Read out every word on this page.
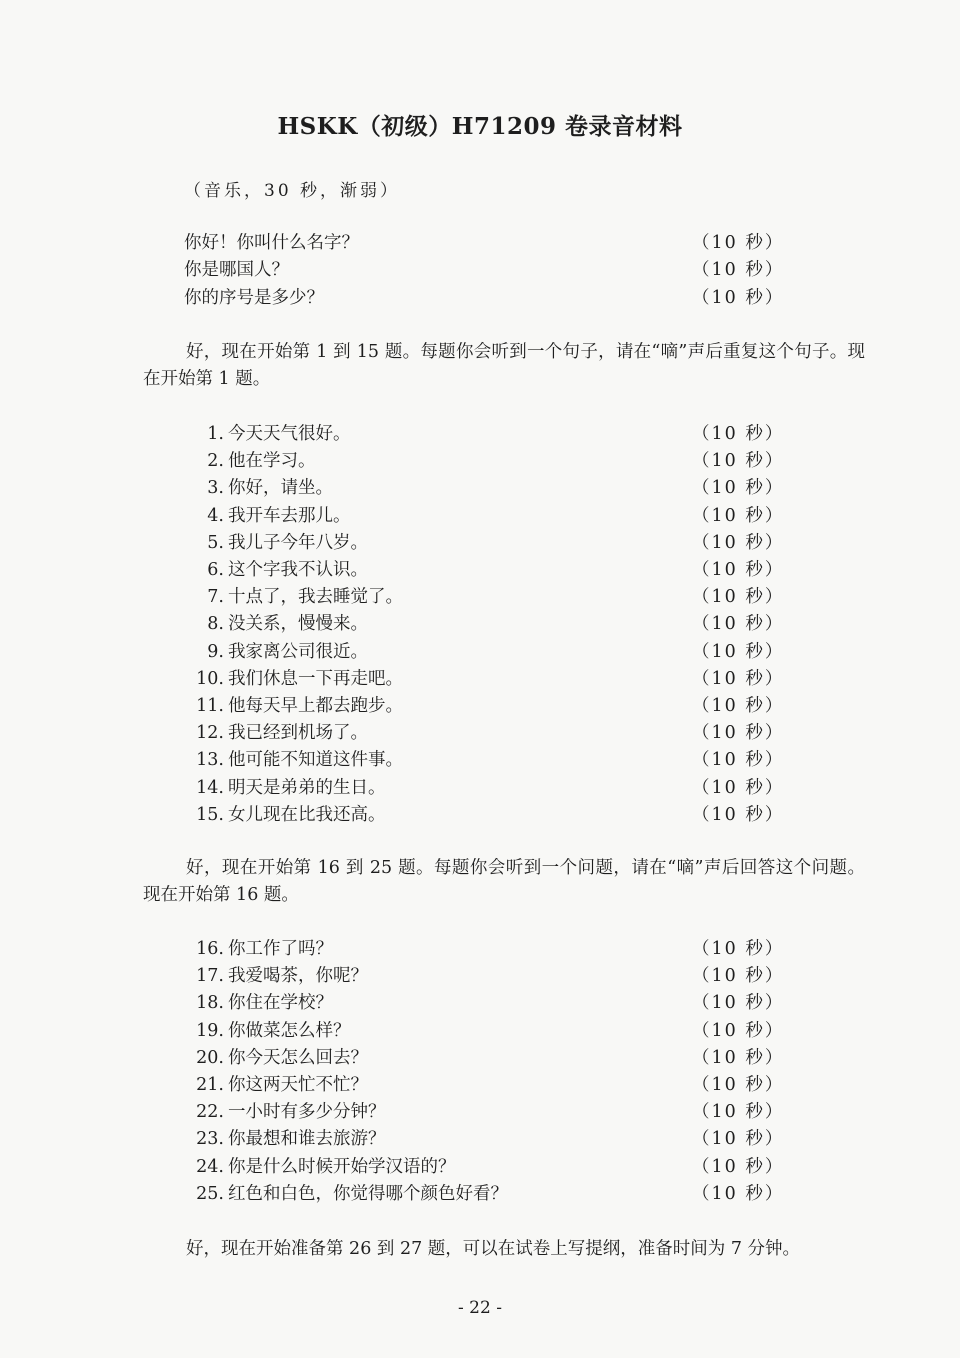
HSKK（初级）H71209 卷录音材料
（音乐，30 秒，渐弱）
你好！你叫什么名字？	（10 秒）
你是哪国人？	（10 秒）
你的序号是多少？	（10 秒）
好，现在开始第 1 到 15 题。每题你会听到一个句子，请在“嘀”声后重复这个句子。现在开始第 1 题。
1. 今天天气很好。	（10 秒）
2. 他在学习。	（10 秒）
3. 你好，请坐。	（10 秒）
4. 我开车去那儿。	（10 秒）
5. 我儿子今年八岁。	（10 秒）
6. 这个字我不认识。	（10 秒）
7. 十点了，我去睡觉了。	（10 秒）
8. 没关系，慢慢来。	（10 秒）
9. 我家离公司很近。	（10 秒）
10. 我们休息一下再走吧。	（10 秒）
11. 他每天早上都去跑步。	（10 秒）
12. 我已经到机场了。	（10 秒）
13. 他可能不知道这件事。	（10 秒）
14. 明天是弟弟的生日。	（10 秒）
15. 女儿现在比我还高。	（10 秒）
好，现在开始第 16 到 25 题。每题你会听到一个问题，请在“嘀”声后回答这个问题。现在开始第 16 题。
16. 你工作了吗？	（10 秒）
17. 我爱喝茶，你呢？	（10 秒）
18. 你住在学校？	（10 秒）
19. 你做菜怎么样？	（10 秒）
20. 你今天怎么回去？	（10 秒）
21. 你这两天忙不忙？	（10 秒）
22. 一小时有多少分钟？	（10 秒）
23. 你最想和谁去旅游？	（10 秒）
24. 你是什么时候开始学汉语的？	（10 秒）
25. 红色和白色，你觉得哪个颜色好看？	（10 秒）
好，现在开始准备第 26 到 27 题，可以在试卷上写提纲，准备时间为 7 分钟。
- 22 -
